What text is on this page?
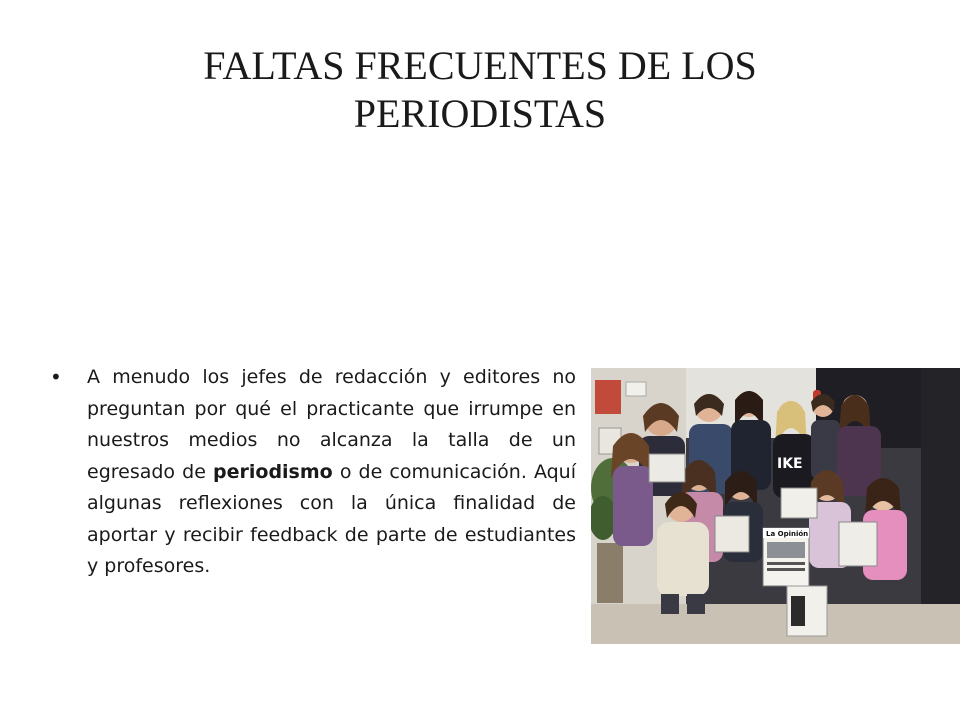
FALTAS FRECUENTES DE LOS
PERIODISTAS
• A menudo los jefes de redacción y editores no preguntan por qué el practicante que irrumpe en nuestros medios no alcanza la talla de un egresado de periodismo o de comunicación. Aquí algunas reflexiones con la única finalidad de aportar y recibir feedback de parte de estudiantes y profesores.
IKE
La Opinión
